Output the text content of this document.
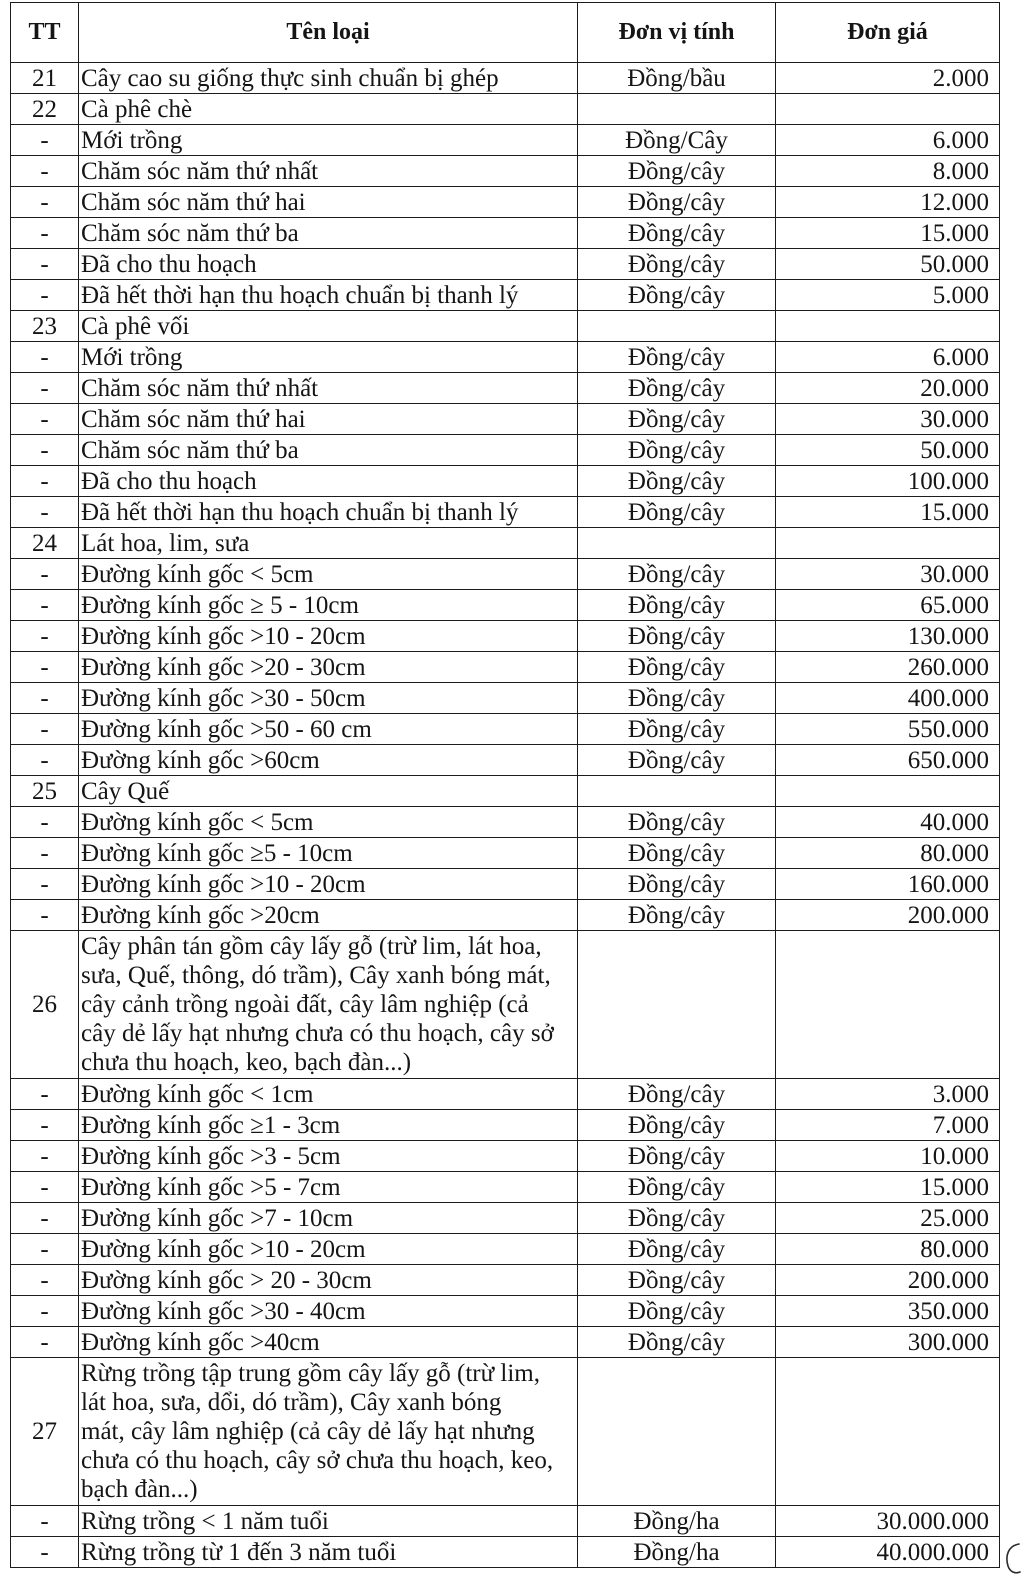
TT	Tên loại	Đơn vị tính	Đơn giá
21	Cây cao su giống thực sinh chuẩn bị ghép	Đồng/bầu	2.000
22	Cà phê chè		
-	Mới trồng	Đồng/Cây	6.000
-	Chăm sóc năm thứ nhất	Đồng/cây	8.000
-	Chăm sóc năm thứ hai	Đồng/cây	12.000
-	Chăm sóc năm thứ ba	Đồng/cây	15.000
-	Đã cho thu hoạch	Đồng/cây	50.000
-	Đã hết thời hạn thu hoạch chuẩn bị thanh lý	Đồng/cây	5.000
23	Cà phê vối		
-	Mới trồng	Đồng/cây	6.000
-	Chăm sóc năm thứ nhất	Đồng/cây	20.000
-	Chăm sóc năm thứ hai	Đồng/cây	30.000
-	Chăm sóc năm thứ ba	Đồng/cây	50.000
-	Đã cho thu hoạch	Đồng/cây	100.000
-	Đã hết thời hạn thu hoạch chuẩn bị thanh lý	Đồng/cây	15.000
24	Lát hoa, lim, sưa		
-	Đường kính gốc < 5cm	Đồng/cây	30.000
-	Đường kính gốc ≥ 5 - 10cm	Đồng/cây	65.000
-	Đường kính gốc >10 - 20cm	Đồng/cây	130.000
-	Đường kính gốc >20 - 30cm	Đồng/cây	260.000
-	Đường kính gốc >30 - 50cm	Đồng/cây	400.000
-	Đường kính gốc >50 - 60 cm	Đồng/cây	550.000
-	Đường kính gốc >60cm	Đồng/cây	650.000
25	Cây Quế		
-	Đường kính gốc < 5cm	Đồng/cây	40.000
-	Đường kính gốc ≥5 - 10cm	Đồng/cây	80.000
-	Đường kính gốc >10 - 20cm	Đồng/cây	160.000
-	Đường kính gốc >20cm	Đồng/cây	200.000
26	Cây phân tán gồm cây lấy gỗ (trừ lim, lát hoa,
sưa, Quế, thông, dó trầm), Cây xanh bóng mát,
cây cảnh trồng ngoài đất, cây lâm nghiệp (cả
cây dẻ lấy hạt nhưng chưa có thu hoạch, cây sở
chưa thu hoạch, keo, bạch đàn...)		
-	Đường kính gốc < 1cm	Đồng/cây	3.000
-	Đường kính gốc ≥1 - 3cm	Đồng/cây	7.000
-	Đường kính gốc >3 - 5cm	Đồng/cây	10.000
-	Đường kính gốc >5 - 7cm	Đồng/cây	15.000
-	Đường kính gốc >7 - 10cm	Đồng/cây	25.000
-	Đường kính gốc >10 - 20cm	Đồng/cây	80.000
-	Đường kính gốc > 20 - 30cm	Đồng/cây	200.000
-	Đường kính gốc >30 - 40cm	Đồng/cây	350.000
-	Đường kính gốc >40cm	Đồng/cây	300.000
27	Rừng trồng tập trung gồm cây lấy gỗ (trừ lim,
lát hoa, sưa, dổi, dó trầm), Cây xanh bóng
mát, cây lâm nghiệp (cả cây dẻ lấy hạt nhưng
chưa có thu hoạch, cây sở chưa thu hoạch, keo,
bạch đàn...)		
-	Rừng trồng < 1 năm tuổi	Đồng/ha	30.000.000
-	Rừng trồng từ 1 đến 3 năm tuổi	Đồng/ha	40.000.000
